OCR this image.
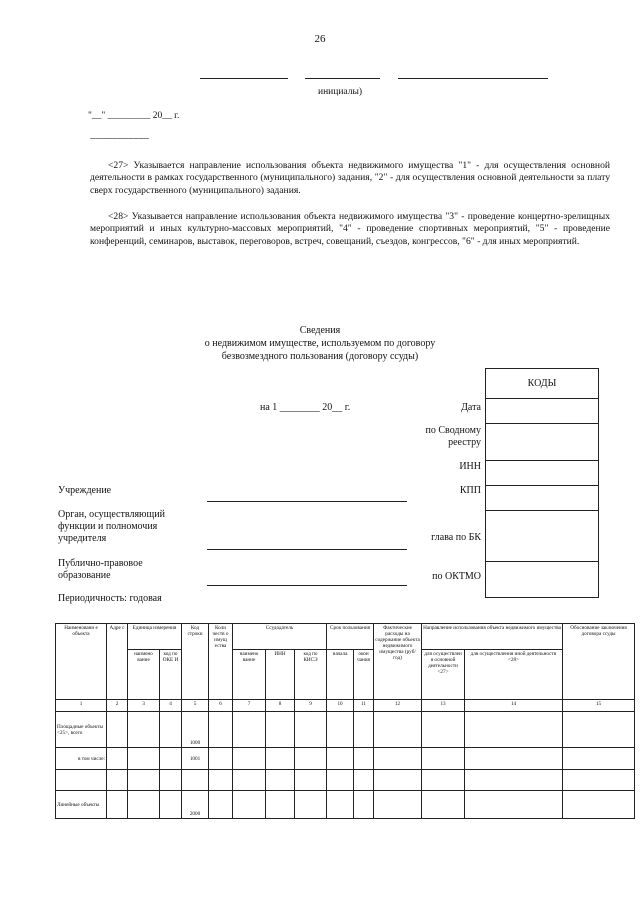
26
инициалы)
"__" _________ 20__ г.
--------------------------------
<27> Указывается направление использования объекта недвижимого имущества "1" - для осуществления основной деятельности в рамках государственного (муниципального) задания, "2" - для осуществления основной деятельности за плату сверх государственного (муниципального) задания.
<28> Указывается направление использования объекта недвижимого имущества "3" - проведение концертно-зрелищных мероприятий и иных культурно-массовых мероприятий, "4" - проведение спортивных мероприятий, "5" - проведение конференций, семинаров, выставок, переговоров, встреч, совещаний, съездов, конгрессов, "6" - для иных мероприятий.
Сведения
о недвижимом имуществе, используемом по договору
безвозмездного пользования (договору ссуды)
КОДЫ

на 1 ________ 20__ г.	Дата
по Сводному реестру
ИНН
КПП
глава по БК
по ОКТМО
Учреждение
Орган, осуществляющий функции и полномочия учредителя
Публично-правовое образование
Периодичность: годовая
Наименовани е объекта	Адре с	Единица измерения		Код строки	Коли честв о имущ ества	Ссудодатель			Срок пользования		Фактические расходы на содержание объекта недвижимого имущества (руб/год)	Направление использования объекта недвижимого имущества		Обоснование заключения договора ссуды
		наимено вание	код по ОКЕ И			наимено вание	ИНН	код по КИСЭ	начала	окон чания		для осуществлен я основной деятельности <27>	для осуществления иной деятельности <28>	
1	2	3	4	5	6	7	8	9	10	11	12	13	14	15
Площадные объекты <25>, всего				1000										
в том числе:				1001										

Линейные объекты				2000										
